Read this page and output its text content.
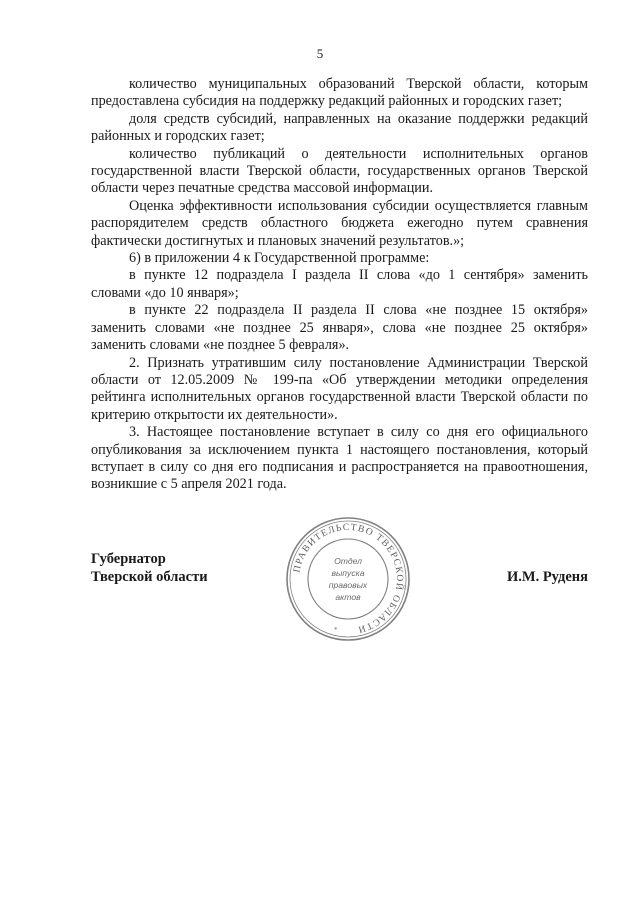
5

количество муниципальных образований Тверской области, которым предоставлена субсидия на поддержку редакций районных и городских газет;

доля средств субсидий, направленных на оказание поддержки редакций районных и городских газет;

количество публикаций о деятельности исполнительных органов государственной власти Тверской области, государственных органов Тверской области через печатные средства массовой информации.

Оценка эффективности использования субсидии осуществляется главным распорядителем средств областного бюджета ежегодно путем сравнения фактически достигнутых и плановых значений результатов.»;

6) в приложении 4 к Государственной программе:

в пункте 12 подраздела I раздела II слова «до 1 сентября» заменить словами «до 10 января»;

в пункте 22 подраздела II раздела II слова «не позднее 15 октября» заменить словами «не позднее 25 января», слова «не позднее 25 октября» заменить словами «не позднее 5 февраля».

2. Признать утратившим силу постановление Администрации Тверской области от 12.05.2009 № 199-па «Об утверждении методики определения рейтинга исполнительных органов государственной власти Тверской области по критерию открытости их деятельности».

3. Настоящее постановление вступает в силу со дня его официального опубликования за исключением пункта 1 настоящего постановления, который вступает в силу со дня его подписания и распространяется на правоотношения, возникшие с 5 апреля 2021 года.

Губернатор
Тверской области
ПРАВИТЕЛЬСТВО ТВЕРСКОЙ ОБЛАСТИ
Отдел
выпуска
правовых
актов
*
И.М. Руденя
